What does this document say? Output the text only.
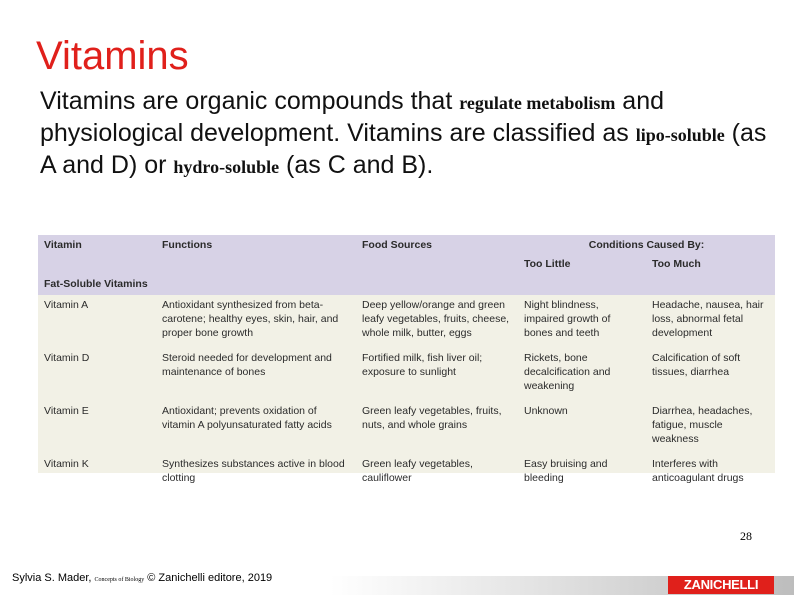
Vitamins
Vitamins are organic compounds that regulate metabolism and physiological development. Vitamins are classified as lipo-soluble (as A and D) or hydro-soluble (as C and B).
Vitamin	Functions	Food Sources	Conditions Caused By:	
			Too Little	Too Much
Fat-Soluble Vitamins				
Vitamin A	Antioxidant synthesized from beta-carotene; healthy eyes, skin, hair, and proper bone growth	Deep yellow/orange and green leafy vegetables, fruits, cheese, whole milk, butter, eggs	Night blindness, impaired growth of bones and teeth	Headache, nausea, hair loss, abnormal fetal development
Vitamin D	Steroid needed for development and maintenance of bones	Fortified milk, fish liver oil; exposure to sunlight	Rickets, bone decalcification and weakening	Calcification of soft tissues, diarrhea
Vitamin E	Antioxidant; prevents oxidation of vitamin A polyunsaturated fatty acids	Green leafy vegetables, fruits, nuts, and whole grains	Unknown	Diarrhea, headaches, fatigue, muscle weakness
Vitamin K	Synthesizes substances active in blood clotting	Green leafy vegetables, cauliflower	Easy bruising and bleeding	Interferes with anticoagulant drugs
28
Sylvia S. Mader, Concepts of Biology © Zanichelli editore, 2019	ZANICHELLI
